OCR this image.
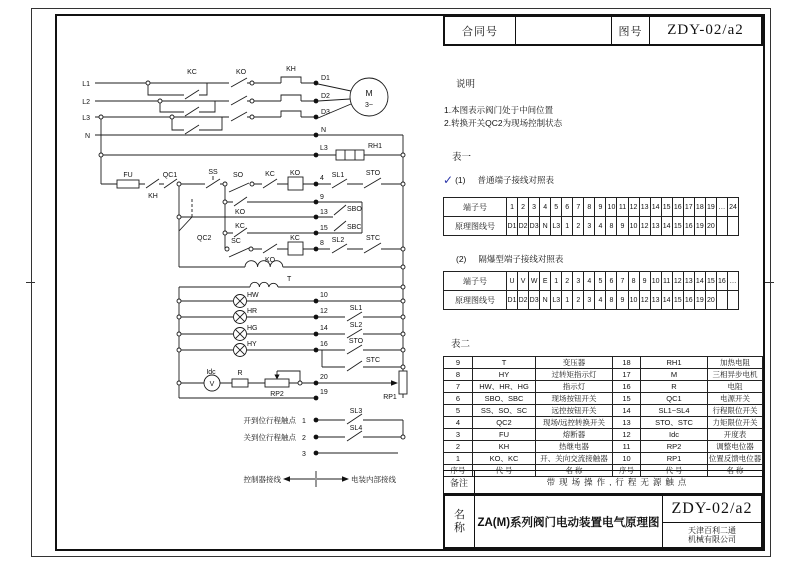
合同号	图号	ZDY-02/a2
说明
1.本图表示阀门处于中间位置
2.转换开关QC2为现场控制状态
表一
✓ (1) 普通端子接线对照表
端子号	1	2	3	4	5	6	7	8	9	10	11	12	13	14	15	16	17	18	19	…	24
原理图线号	D1	D2	D3	N	L3	1	2	3	4	8	9	10	12	13	14	15	16	19	20		
(2) 隔爆型端子接线对照表
端子号	U	V	W	E	1	2	3	4	5	6	7	8	9	10	11	12	13	14	15	16	…
原理图线号	D1	D2	D3	N	L3	1	2	3	4	8	9	10	12	13	14	15	16	19	20		
表二
9	T	变压器	18	RH1	加热电阻
8	HY	过转矩指示灯	17	M	三相异步电机
7	HW、HR、HG	指示灯	16	R	电阻
6	SBO、SBC	现场按钮开关	15	QC1	电源开关
5	SS、SO、SC	远控按钮开关	14	SL1~SL4	行程限位开关
4	QC2	现场/远控转换开关	13	STO、STC	力矩限位开关
3	FU	熔断器	12	Idc	开度表
2	KH	热继电器	11	RP2	调整电位器
1	KO、KC	开、关向交流接触器	10	RP1	位置反馈电位器
序号	代 号	名 称	序号	代 号	名 称
备注	带现场操作,行程无源触点
名
称 ZA(M)系列阀门电动装置电气原理图
ZDY-02/a2
天津百利二通
机械有限公司
L1
L2
L3
N
KC	KO	KH
D1
D2
D3
N
L3	RH1
M
3~
FU
KH
QC1
QC2
SS SO
SC
KC KO
KO
KC
KO
KC
SBO
SBC
4
9
13
15
8
SL1	STO
SL2	STC
T
HW
HR
HG
HY
10
12
14
16
SL1
SL2
STO
STC
Idc
V
R
RP2	RP1
20
19
开到位行程触点 1
SL3
关到位行程触点 2
SL4
3
控制器接线	电装内部接线
